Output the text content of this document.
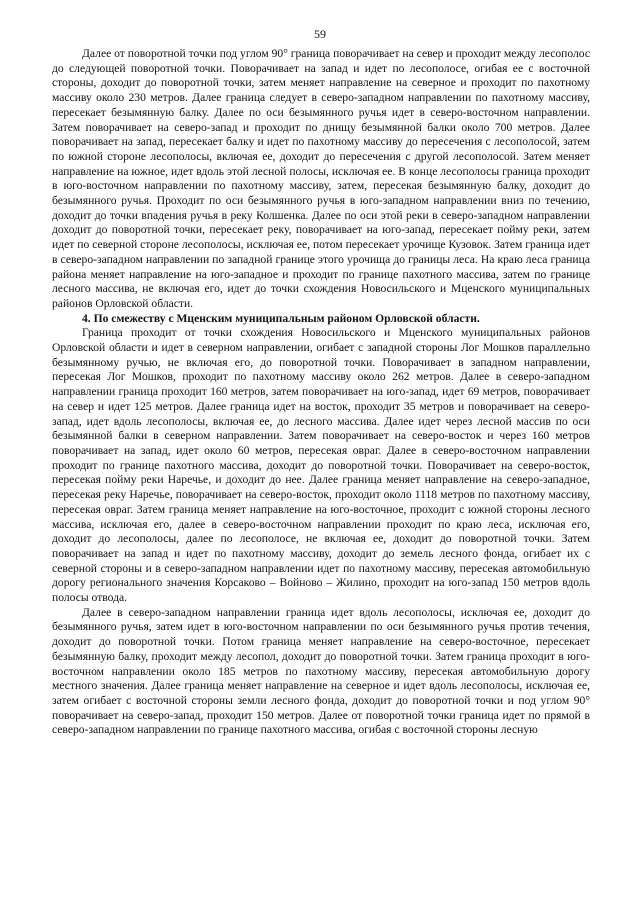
59

Далее от поворотной точки под углом 90° граница поворачивает на север и проходит между лесополос до следующей поворотной точки. Поворачивает на запад и идет по лесополосе, огибая ее с восточной стороны, доходит до поворотной точки, затем меняет направление на северное и проходит по пахотному массиву около 230 метров. Далее граница следует в северо-западном направлении по пахотному массиву, пересекает безымянную балку. Далее по оси безымянного ручья идет в северо-восточном направлении. Затем поворачивает на северо-запад и проходит по днищу безымянной балки около 700 метров. Далее поворачивает на запад, пересекает балку и идет по пахотному массиву до пересечения с лесополосой, затем по южной стороне лесополосы, включая ее, доходит до пересечения с другой лесополосой. Затем меняет направление на южное, идет вдоль этой лесной полосы, исключая ее. В конце лесополосы граница проходит в юго-восточном направлении по пахотному массиву, затем, пересекая безымянную балку, доходит до безымянного ручья. Проходит по оси безымянного ручья в юго-западном направлении вниз по течению, доходит до точки впадения ручья в реку Колшенка. Далее по оси этой реки в северо-западном направлении доходит до поворотной точки, пересекает реку, поворачивает на юго-запад, пересекает пойму реки, затем идет по северной стороне лесополосы, исключая ее, потом пересекает урочище Кузовок. Затем граница идет в северо-западном направлении по западной границе этого урочища до границы леса. На краю леса граница района меняет направление на юго-западное и проходит по границе пахотного массива, затем по границе лесного массива, не включая его, идет до точки схождения Новосильского и Мценского муниципальных районов Орловской области.

4. По смежеству с Мценским муниципальным районом Орловской области.

Граница проходит от точки схождения Новосильского и Мценского муниципальных районов Орловской области и идет в северном направлении, огибает с западной стороны Лог Мошков параллельно безымянному ручью, не включая его, до поворотной точки. Поворачивает в западном направлении, пересекая Лог Мошков, проходит по пахотному массиву около 262 метров. Далее в северо-западном направлении граница проходит 160 метров, затем поворачивает на юго-запад, идет 69 метров, поворачивает на север и идет 125 метров. Далее граница идет на восток, проходит 35 метров и поворачивает на северо-запад, идет вдоль лесополосы, включая ее, до лесного массива. Далее идет через лесной массив по оси безымянной балки в северном направлении. Затем поворачивает на северо-восток и через 160 метров поворачивает на запад, идет около 60 метров, пересекая овраг. Далее в северо-восточном направлении проходит по границе пахотного массива, доходит до поворотной точки. Поворачивает на северо-восток, пересекая пойму реки Наречье, и доходит до нее. Далее граница меняет направление на северо-западное, пересекая реку Наречье, поворачивает на северо-восток, проходит около 1118 метров по пахотному массиву, пересекая овраг. Затем граница меняет направление на юго-восточное, проходит с южной стороны лесного массива, исключая его, далее в северо-восточном направлении проходит по краю леса, исключая его, доходит до лесополосы, далее по лесополосе, не включая ее, доходит до поворотной точки. Затем поворачивает на запад и идет по пахотному массиву, доходит до земель лесного фонда, огибает их с северной стороны и в северо-западном направлении идет по пахотному массиву, пересекая автомобильную дорогу регионального значения Корсаково – Войново – Жилино, проходит на юго-запад 150 метров вдоль полосы отвода.

Далее в северо-западном направлении граница идет вдоль лесополосы, исключая ее, доходит до безымянного ручья, затем идет в юго-восточном направлении по оси безымянного ручья против течения, доходит до поворотной точки. Потом граница меняет направление на северо-восточное, пересекает безымянную балку, проходит между лесопол, доходит до поворотной точки. Затем граница проходит в юго-восточном направлении около 185 метров по пахотному массиву, пересекая автомобильную дорогу местного значения. Далее граница меняет направление на северное и идет вдоль лесополосы, исключая ее, затем огибает с восточной стороны земли лесного фонда, доходит до поворотной точки и под углом 90° поворачивает на северо-запад, проходит 150 метров. Далее от поворотной точки граница идет по прямой в северо-западном направлении по границе пахотного массива, огибая с восточной стороны лесную
